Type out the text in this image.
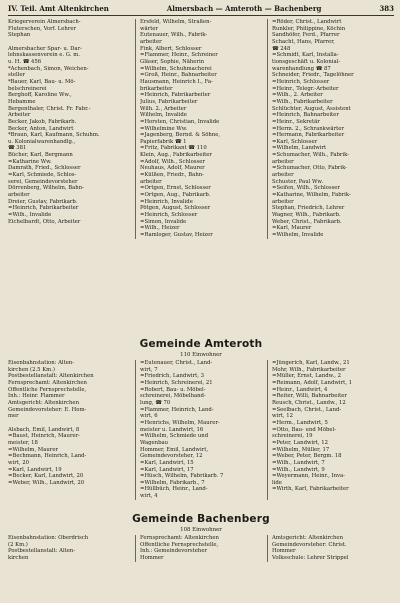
IV. Teil. Amt Altenkirchen	Almersbach — Amteroth — Bachenberg	383
Kriegerverein Almersbach-
Fluterschen, Vorf. Lehrer
Stephan

Almersbacher Spar- u. Dar-
lehnskassenverein e. G. m.
u. H. ☎ 456
*Achenbach, Simon, Weichen-
steller
*Bauer, Karl, Bau- u. Mö-
belschreinerei
Berghoff, Karoline Ww.,
Hebamme
Bergenthaler, Christ. Fr. Fabr.-
Arbeiter
Becker, Jakob, Fabrikarb.
Becker, Anton, Landwirt
*Braun, Karl, Kaufmann, Schuhm.
u. Kolonialwarenhandlg.,
☎ 381
Bücher, Karl, Bergmann
=Katharine Ww.
Damrath, Fried., Schlosser
=Karl, Schmiede, Schlos-
serei, Gemeindevorsteher
Dörrenberg, Wilhelm, Bahn-
arbeiter
Dreier, Gustav, Fabrikarb.
=Heinrich, Fabrikarbeiter
=Wilh., Invalide
Eichelbardt, Otto, Arbeiter
Ersfeld, Wilhelm, Straßen-
wärter
Eutenauer, Wilh., Fabrik-
arbeiter
Fink, Albert, Schlosser
=Flammer, Heinr., Schreiner
Gläser, Sophie, Näherin
=Wilhelm, Schuhmacherei
=Groß, Heinr., Bahnarbeiter
Hausmann, Heinrich I., Fa-
brikarbeiter
=Heinrich, Fabrikarbeiter
Julius, Fabrikarbeiter
Wilh. 2., Arbeiter
Wilhelm, Invalide
=Horsten, Christian, Invalide
=Wilhelmine Ww.
=Jagenberg, Bernd. & Söhne,
Papierfabrik ☎ 1
=Fritz, Fabrikant ☎ 110
Klein, Aug., Fabrikarbeiter
=Adolf, Wilh., Schlosser
Neuhaus, Adolf, Maurer
=Külßen, Friedr., Bahn-
arbeiter
=Ortgen, Ernst, Schlosser
=Ortgen, Aug., Fabrikarb.
=Heinrich, Invalide
Pötgen, August, Schlosser
=Heinrich, Schlosser
=Simon, Invalide
=Wilh., Heizer
=Ramloger, Gustav, Heizer
=Röder, Christ., Landwirt
Runkler, Philippine, Köchin
Sandhöfer, Ferd., Pfarrer
Schacht, Hans, Pfarrer,
☎ 248
=Schmidt, Karl, Installa-
tionsgeschäft u. Kolonial-
warenhandlung ☎ 87
Schneider, Friedr., Tagelöhner
=Heinrich, Schlosser
=Heinr., Telegr.-Arbeiter
=Wilh., 2. Arbeiter
=Wilh., Fabrikarbeiter
Schlüchter, August, Assistent
=Heinrich, Bahnarbeiter
=Heinr., Sekretär
=Herm. 2., Schrankwärter
=Hermann, Fabrikarbeiter
=Karl, Schlosser
=Wilhelm, Landwirt
=Schumacher, Wilh., Fabrik-
arbeiter
=Schumacher, Otto, Fabrik-
arbeiter
Schuster, Paul Ww.
=Seifen, Wilh., Schlosser
=Katharine, Wilhelm, Fabrik-
arbeiter
Stephan, Friedrich, Lehrer
Wagner, Wilh., Fabrikarb.
Weber, Christ., Fabrikarb.
=Karl, Maurer
=Wilhelm, Invalide
Gemeinde Amteroth
110 Einwohner
Eisenbahnstation: Alten-
kirchen (2.5 Km.)
Postbestellanstalt: Altenkirchen
Fernsprechamt: Altenkirchen
Öffentliche Fernsprechstelle,
Inh.: Heinr. Flammer
Amtsgericht: Altenkirchen
Gemeindevorsteher: E. Hom-
mer

Alsbach, Emil, Landwirt, 8
=Baust, Heinrich, Maurer-
meister, 18
=Wilhelm, Maurer
=Bechmann, Heinrich, Land-
wirt, 20
=Karl, Landwirt, 19
=Becker, Karl, Landwirt, 20
=Weber, Wilh., Landwirt, 20
=Eutenauer, Christ., Land-
wirt, 7
=Friedrich, Landwirt, 3
=Heinrich, Schreinerei, 21
=Robert, Bau- u. Möbel-
schreinerei, Möbelhand-
lung, ☎ 70
=Flammer, Heinrich, Land-
wirt, 6
=Henrichs, Wilhelm, Maurer-
meister u. Landwirt, 16
=Wilhelm, Schmiede und
Wagenbau
Hommer, Emil, Landwirt,
Gemeindevorsteher, 12
=Karl, Landwirt, 15
=Karl, Landwirt, 17
=Hüsch, Wilhelm, Fabrikarb. 7
=Wilhelm, Fabrikarb., 7
=Hüllbüch, Heinr., Land-
wirt, 4
=Jüngerich, Karl, Landw., 21
Mohr, Wilh., Fabrikarbeiter
=Müller, Ernst, Landw., 2
=Reimann, Adolf, Landwirt, 1
=Heinr., Landwirt, 4
=Reiter, Willi, Bahnarbeiter
Reusch, Christ., Landw., 12
=Seelbach, Christ., Land-
wirt, 12
=Herm., Landwirt, 5
=Otto, Bau- und Möbel-
schreinerei, 19
=Peter, Landwirt, 12
=Wilhelm, Müller, 17
=Weber, Peter, Bergm. 18
=Wilh., Landwirt, 7
=Wilh., Landwirt, 9
=Weyermann, Heinr., Inva-
lide
=Wirth, Karl, Fabrikarbeiter
Gemeinde Bachenberg
108 Einwohner
Eisenbahnstation: Oberdrisch
(2 Km.)
Postbestellanstalt: Alten-
kirchen
Fernsprechamt: Altenkirchen
Öffentliche Fernsprechstelle,
Inh.: Gemeindevorsteher
Hommer
Amtsgericht: Altenkirchen
Gemeindevorsteher: Christ.
Hommer
Volksschule: Lehrer Strippel
